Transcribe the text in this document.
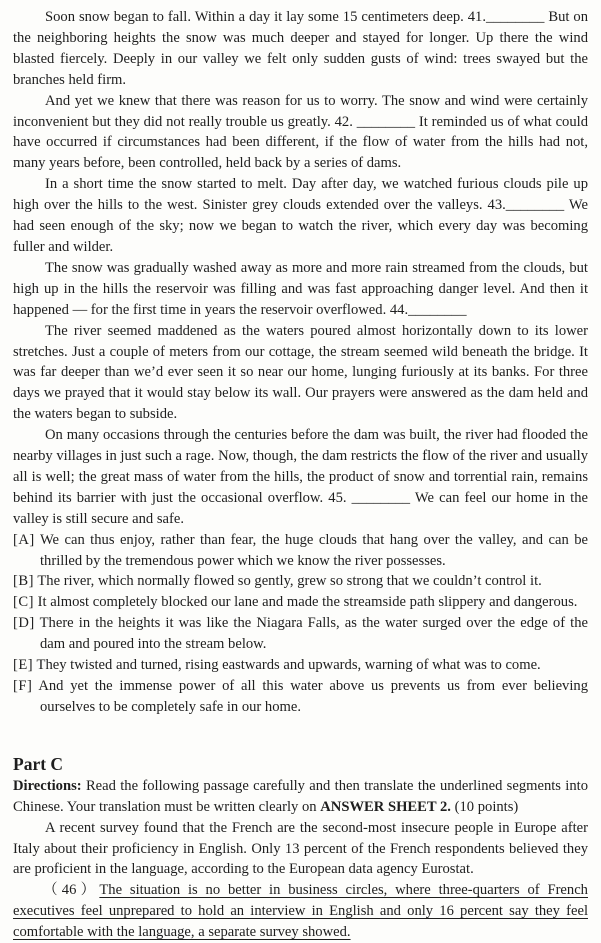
Soon snow began to fall. Within a day it lay some 15 centimeters deep. 41.________ But on the neighboring heights the snow was much deeper and stayed for longer. Up there the wind blasted fiercely. Deeply in our valley we felt only sudden gusts of wind: trees swayed but the branches held firm.

And yet we knew that there was reason for us to worry. The snow and wind were certainly inconvenient but they did not really trouble us greatly. 42. ________ It reminded us of what could have occurred if circumstances had been different, if the flow of water from the hills had not, many years before, been controlled, held back by a series of dams.

In a short time the snow started to melt. Day after day, we watched furious clouds pile up high over the hills to the west. Sinister grey clouds extended over the valleys. 43.________ We had seen enough of the sky; now we began to watch the river, which every day was becoming fuller and wilder.

The snow was gradually washed away as more and more rain streamed from the clouds, but high up in the hills the reservoir was filling and was fast approaching danger level. And then it happened — for the first time in years the reservoir overflowed. 44.________

The river seemed maddened as the waters poured almost horizontally down to its lower stretches. Just a couple of meters from our cottage, the stream seemed wild beneath the bridge. It was far deeper than we’d ever seen it so near our home, lunging furiously at its banks. For three days we prayed that it would stay below its wall. Our prayers were answered as the dam held and the waters began to subside.

On many occasions through the centuries before the dam was built, the river had flooded the nearby villages in just such a rage. Now, though, the dam restricts the flow of the river and usually all is well; the great mass of water from the hills, the product of snow and torrential rain, remains behind its barrier with just the occasional overflow. 45. ________ We can feel our home in the valley is still secure and safe.

[A] We can thus enjoy, rather than fear, the huge clouds that hang over the valley, and can be thrilled by the tremendous power which we know the river possesses.

[B] The river, which normally flowed so gently, grew so strong that we couldn’t control it.

[C] It almost completely blocked our lane and made the streamside path slippery and dangerous.

[D] There in the heights it was like the Niagara Falls, as the water surged over the edge of the dam and poured into the stream below.

[E] They twisted and turned, rising eastwards and upwards, warning of what was to come.

[F] And yet the immense power of all this water above us prevents us from ever believing ourselves to be completely safe in our home.

Part C

Directions: Read the following passage carefully and then translate the underlined segments into Chinese. Your translation must be written clearly on ANSWER SHEET 2. (10 points)

A recent survey found that the French are the second-most insecure people in Europe after Italy about their proficiency in English. Only 13 percent of the French respondents believed they are proficient in the language, according to the European data agency Eurostat.

（46）The situation is no better in business circles, where three-quarters of French executives feel unprepared to hold an interview in English and only 16 percent say they feel comfortable with the language, a separate survey showed.
